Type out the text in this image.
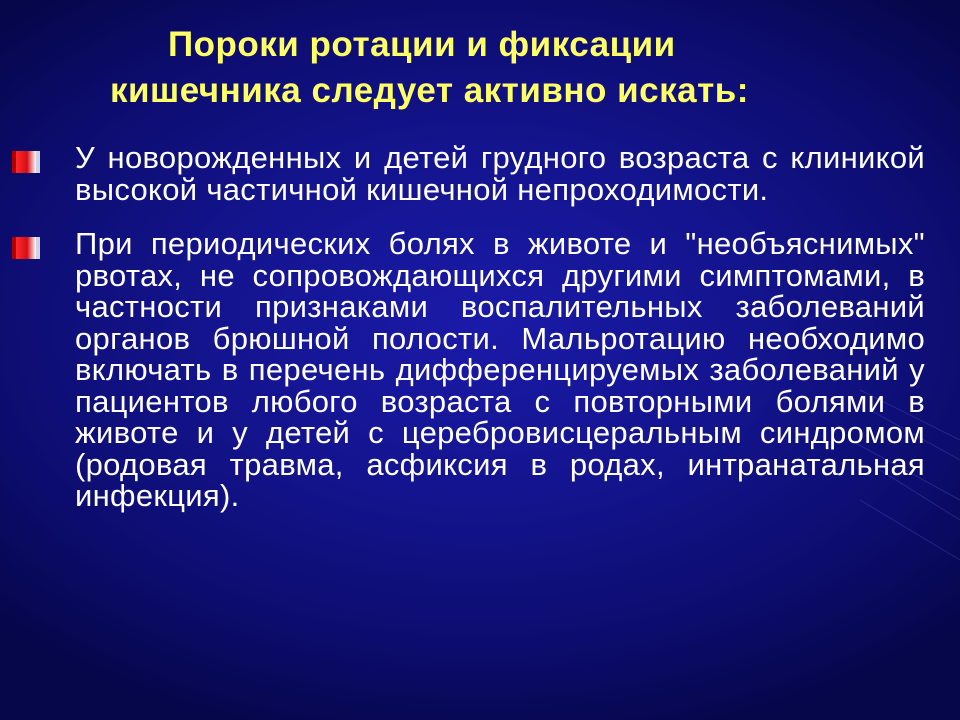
Пороки ротации и фиксации
кишечника следует активно искать:
У новорожденных и детей грудного возраста с клиникой высокой частичной кишечной непроходимости.
При периодических болях в животе и "необъяснимых" рвотах, не сопровождающихся другими симптомами, в частности признаками воспалительных заболеваний органов брюшной полости. Мальротацию необходимо включать в перечень дифференцируемых заболеваний у пациентов любого возраста с повторными болями в животе и у детей с церебровисцеральным синдромом (родовая травма, асфиксия в родах, интранатальная инфекция).
